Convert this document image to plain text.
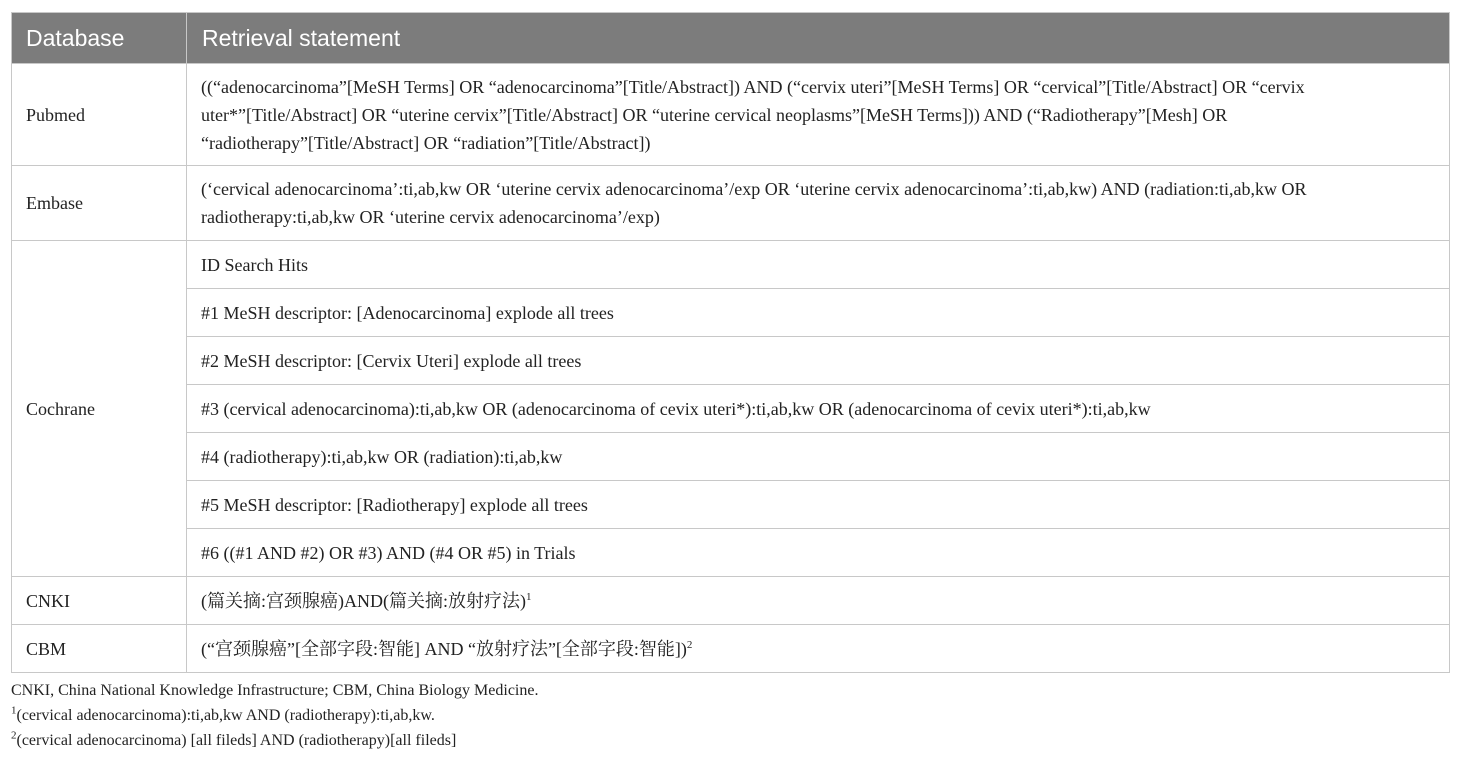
Database	Retrieval statement
Pubmed	((“adenocarcinoma”[MeSH Terms] OR “adenocarcinoma”[Title/Abstract]) AND (“cervix uteri”[MeSH Terms] OR “cervical”[Title/Abstract] OR “cervix uter*”[Title/Abstract] OR “uterine cervix”[Title/Abstract] OR “uterine cervical neoplasms”[MeSH Terms])) AND (“Radiotherapy”[Mesh] OR “radiotherapy”[Title/Abstract] OR “radiation”[Title/Abstract])
Embase	(‘cervical adenocarcinoma’:ti,ab,kw OR ‘uterine cervix adenocarcinoma’/exp OR ‘uterine cervix adenocarcinoma’:ti,ab,kw) AND (radiation:ti,ab,kw OR radiotherapy:ti,ab,kw OR ‘uterine cervix adenocarcinoma’/exp)
Cochrane	ID Search Hits
	#1 MeSH descriptor: [Adenocarcinoma] explode all trees
	#2 MeSH descriptor: [Cervix Uteri] explode all trees
	#3 (cervical adenocarcinoma):ti,ab,kw OR (adenocarcinoma of cevix uteri*):ti,ab,kw OR (adenocarcinoma of cevix uteri*):ti,ab,kw
	#4 (radiotherapy):ti,ab,kw OR (radiation):ti,ab,kw
	#5 MeSH descriptor: [Radiotherapy] explode all trees
	#6 ((#1 AND #2) OR #3) AND (#4 OR #5) in Trials
CNKI	(篇关摘:宫颈腺癌)AND(篇关摘:放射疗法)$^1$
CBM	(“宫颈腺癌”[全部字段:智能] AND “放射疗法”[全部字段:智能])$^2$

CNKI, China National Knowledge Infrastructure; CBM, China Biology Medicine.

$^1$(cervical adenocarcinoma):ti,ab,kw AND (radiotherapy):ti,ab,kw.

$^2$(cervical adenocarcinoma) [all fileds] AND (radiotherapy)[all fileds]
